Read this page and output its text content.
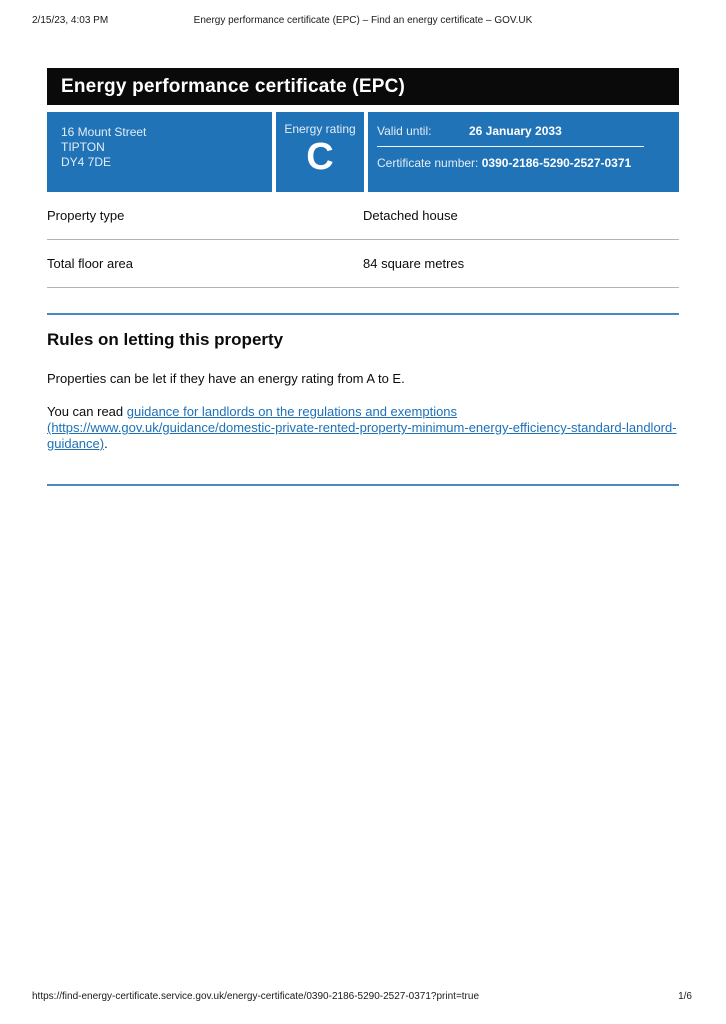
2/15/23, 4:03 PM	Energy performance certificate (EPC) – Find an energy certificate – GOV.UK
Energy performance certificate (EPC)
16 Mount Street
TIPTON
DY4 7DE
Energy rating
C
Valid until:	26 January 2033
Certificate number: 0390-2186-5290-2527-0371
Property type	Detached house
Total floor area	84 square metres
Rules on letting this property

Properties can be let if they have an energy rating from A to E.

You can read guidance for landlords on the regulations and exemptions (https://www.gov.uk/guidance/domestic-private-rented-property-minimum-energy-efficiency-standard-landlord-guidance).

https://find-energy-certificate.service.gov.uk/energy-certificate/0390-2186-5290-2527-0371?print=true	1/6
